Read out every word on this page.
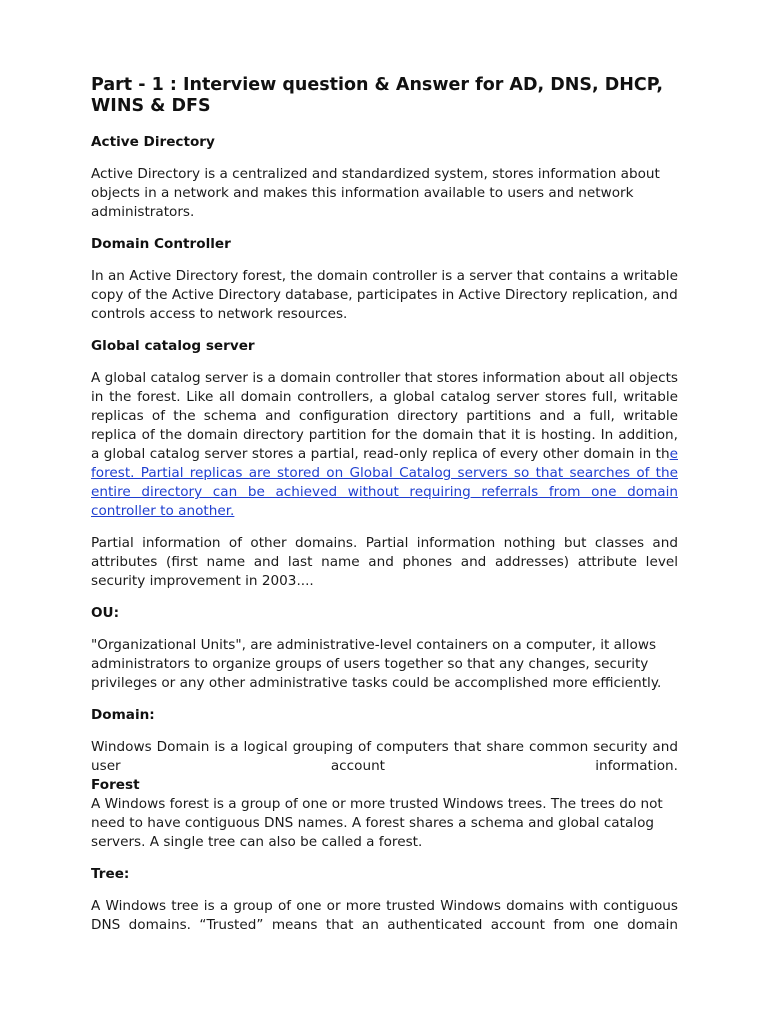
Part - 1 : Interview question & Answer for AD, DNS, DHCP, WINS & DFS
Active Directory

Active Directory is a centralized and standardized system, stores information about objects in a network and makes this information available to users and network administrators.

Domain Controller

In an Active Directory forest, the domain controller is a server that contains a writable copy of the Active Directory database, participates in Active Directory replication, and controls access to network resources.

Global catalog server

A global catalog server is a domain controller that stores information about all objects in the forest. Like all domain controllers, a global catalog server stores full, writable replicas of the schema and configuration directory partitions and a full, writable replica of the domain directory partition for the domain that it is hosting. In addition, a global catalog server stores a partial, read-only replica of every other domain in the forest. Partial replicas are stored on Global Catalog servers so that searches of the entire directory can be achieved without requiring referrals from one domain controller to another.

Partial information of other domains. Partial information nothing but classes and attributes (first name and last name and phones and addresses) attribute level security improvement in 2003....

OU:

"Organizational Units", are administrative-level containers on a computer, it allows administrators to organize groups of users together so that any changes, security privileges or any other administrative tasks could be accomplished more efficiently.

Domain:

Windows Domain is a logical grouping of computers that share common security and user account information.

Forest

A Windows forest is a group of one or more trusted Windows trees. The trees do not need to have contiguous DNS names. A forest shares a schema and global catalog servers. A single tree can also be called a forest.

Tree:

A Windows tree is a group of one or more trusted Windows domains with contiguous DNS domains. “Trusted” means that an authenticated account from one domain
